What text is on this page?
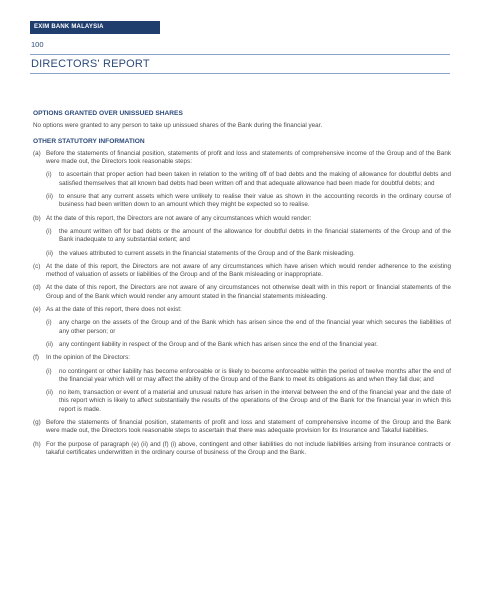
EXIM BANK MALAYSIA
100
DIRECTORS' REPORT
OPTIONS GRANTED OVER UNISSUED SHARES
No options were granted to any person to take up unissued shares of the Bank during the financial year.
OTHER STATUTORY INFORMATION
(a) Before the statements of financial position, statements of profit and loss and statements of comprehensive income of the Group and of the Bank were made out, the Directors took reasonable steps:
(i)	to ascertain that proper action had been taken in relation to the writing off of bad debts and the making of allowance for doubtful debts and satisfied themselves that all known bad debts had been written off and that adequate allowance had been made for doubtful debts; and
(ii) to ensure that any current assets which were unlikely to realise their value as shown in the accounting records in the ordinary course of business had been written down to an amount which they might be expected so to realise.
(b) At the date of this report, the Directors are not aware of any circumstances which would render:
(i)	the amount written off for bad debts or the amount of the allowance for doubtful debts in the financial statements of the Group and of the Bank inadequate to any substantial extent; and
(ii) the values attributed to current assets in the financial statements of the Group and of the Bank misleading.
(c) At the date of this report, the Directors are not aware of any circumstances which have arisen which would render adherence to the existing method of valuation of assets or liabilities of the Group and of the Bank misleading or inappropriate.
(d) At the date of this report, the Directors are not aware of any circumstances not otherwise dealt with in this report or financial statements of the Group and of the Bank which would render any amount stated in the financial statements misleading.
(e) As at the date of this report, there does not exist:
(i)	any charge on the assets of the Group and of the Bank which has arisen since the end of the financial year which secures the liabilities of any other person; or
(ii) any contingent liability in respect of the Group and of the Bank which has arisen since the end of the financial year.
(f)	In the opinion of the Directors:
(i)	no contingent or other liability has become enforceable or is likely to become enforceable within the period of twelve months after the end of the financial year which will or may affect the ability of the Group and of the Bank to meet its obligations as and when they fall due; and
(ii) no item, transaction or event of a material and unusual nature has arisen in the interval between the end of the financial year and the date of this report which is likely to affect substantially the results of the operations of the Group and of the Bank for the financial year in which this report is made.
(g) Before the statements of financial position, statements of profit and loss and statement of comprehensive income of the Group and the Bank were made out, the Directors took reasonable steps to ascertain that there was adequate provision for its Insurance and Takaful liabilities.
(h) For the purpose of paragraph (e) (ii) and (f) (i) above, contingent and other liabilities do not include liabilities arising from insurance contracts or takaful certificates underwritten in the ordinary course of business of the Group and the Bank.
